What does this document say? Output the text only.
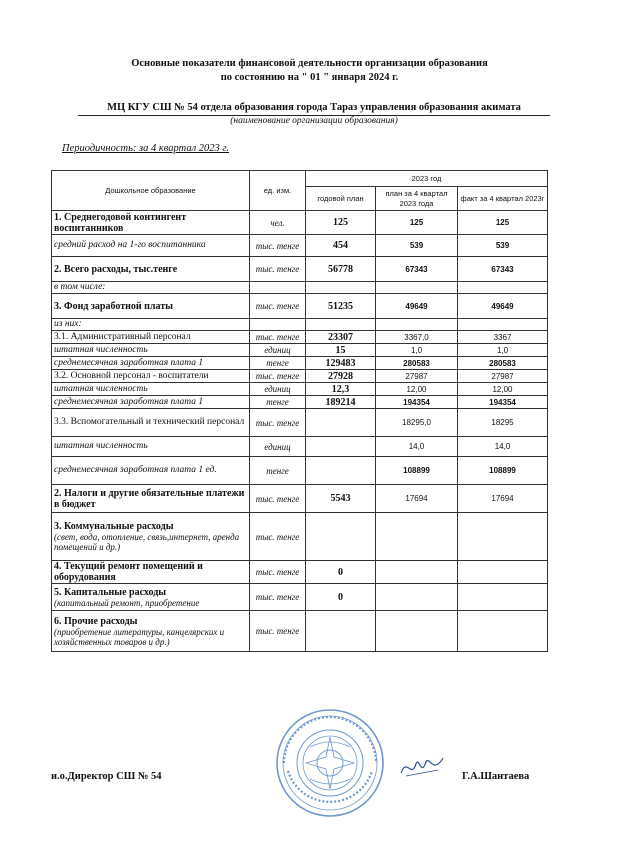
Основные показатели финансовой деятельности организации образования
по состоянию на " 01 " января 2024 г.
МЦ КГУ СШ № 54 отдела образования города Тараз управления образования акимата
(наименование организации образования)
Периодичность: за 4 квартал 2023 г.
Дошкольное образование	ед. изм.	2023 год		
		годовой план	план за 4 квартал 2023 года	факт за 4 квартал 2023г
1. Среднегодовой контингент воспитанников	чел.	125	125	125
средний расход на 1-го воспитанника	тыс. тенге	454	539	539
2. Всего расходы, тыс.тенге	тыс. тенге	56778	67343	67343
в том числе:				
3. Фонд заработной платы	тыс. тенге	51235	49649	49649
из них:				
3.1. Административный персонал	тыс. тенге	23307	3367,0	3367
штатная численность	единиц	15	1,0	1,0
среднемесячная заработная плата 1	тенге	129483	280583	280583
3.2. Основной персонал - воспитатели	тыс. тенге	27928	27987	27987
штатная численность	единиц	12,3	12,00	12,00
среднемесячная заработная плата 1	тенге	189214	194354	194354
3.3. Вспомогательный и технический персонал	тыс. тенге		18295,0	18295
штатная численность	единиц		14,0	14,0
среднемесячная заработная плата 1 ед.	тенге		108899	108899
2. Налоги и другие обязательные платежи в бюджет	тыс. тенге	5543	17694	17694
3. Коммунальные расходы
(свет, вода, отопление, связь,интернет, аренда помещений и др.)	тыс. тенге			
4. Текущий ремонт помещений и оборудования	тыс. тенге	0		
5. Капитальные расходы
(капитальный ремонт, приобретение	тыс. тенге	0		
6. Прочие расходы
(приобретение литературы, канцелярских и хозяйственных товаров и др.)	тыс. тенге			
и.о.Директор СШ № 54	Г.А.Шантаева
